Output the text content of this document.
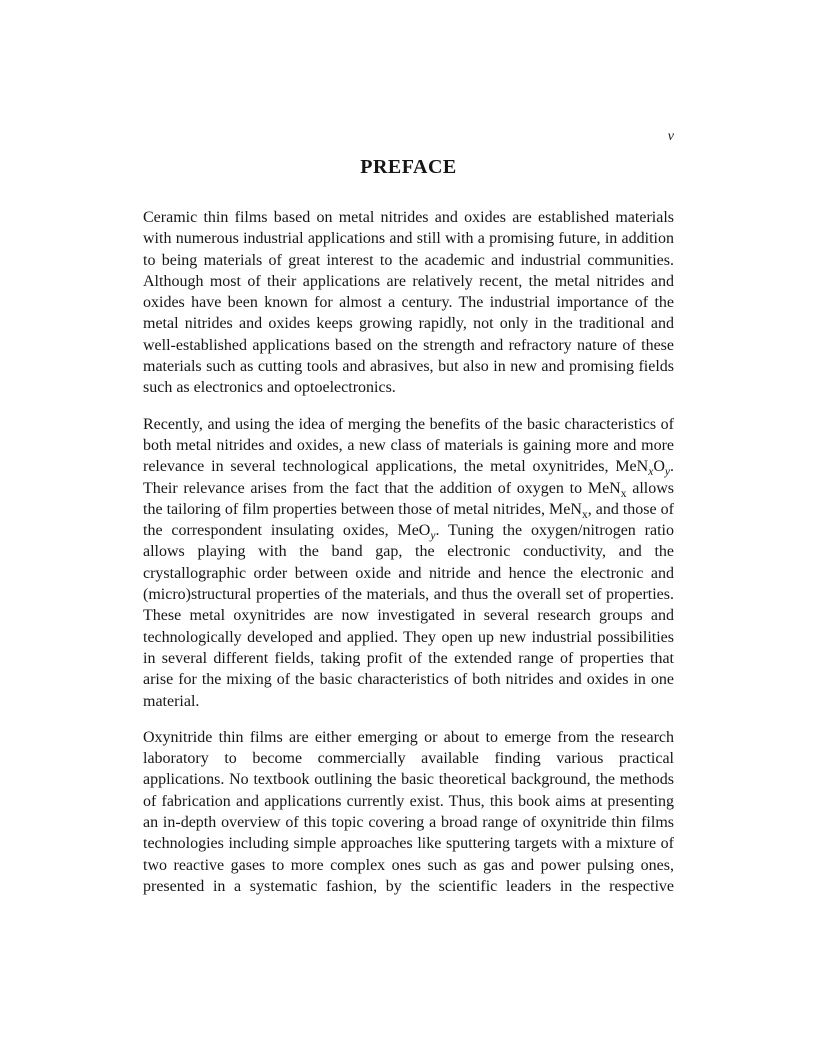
v
PREFACE

Ceramic thin films based on metal nitrides and oxides are established materials with numerous industrial applications and still with a promising future, in addition to being materials of great interest to the academic and industrial communities. Although most of their applications are relatively recent, the metal nitrides and oxides have been known for almost a century. The industrial importance of the metal nitrides and oxides keeps growing rapidly, not only in the traditional and well-established applications based on the strength and refractory nature of these materials such as cutting tools and abrasives, but also in new and promising fields such as electronics and optoelectronics.

Recently, and using the idea of merging the benefits of the basic characteristics of both metal nitrides and oxides, a new class of materials is gaining more and more relevance in several technological applications, the metal oxynitrides, $MeN_xO_y$. Their relevance arises from the fact that the addition of oxygen to MeN$_x$ allows the tailoring of film properties between those of metal nitrides, MeN$_x$, and those of the correspondent insulating oxides, MeO$_y$. Tuning the oxygen/nitrogen ratio allows playing with the band gap, the electronic conductivity, and the crystallographic order between oxide and nitride and hence the electronic and (micro)structural properties of the materials, and thus the overall set of properties. These metal oxynitrides are now investigated in several research groups and technologically developed and applied. They open up new industrial possibilities in several different fields, taking profit of the extended range of properties that arise for the mixing of the basic characteristics of both nitrides and oxides in one material.

Oxynitride thin films are either emerging or about to emerge from the research laboratory to become commercially available finding various practical applications. No textbook outlining the basic theoretical background, the methods of fabrication and applications currently exist. Thus, this book aims at presenting an in-depth overview of this topic covering a broad range of oxynitride thin films technologies including simple approaches like sputtering targets with a mixture of two reactive gases to more complex ones such as gas and power pulsing ones, presented in a systematic fashion, by the scientific leaders in the respective
